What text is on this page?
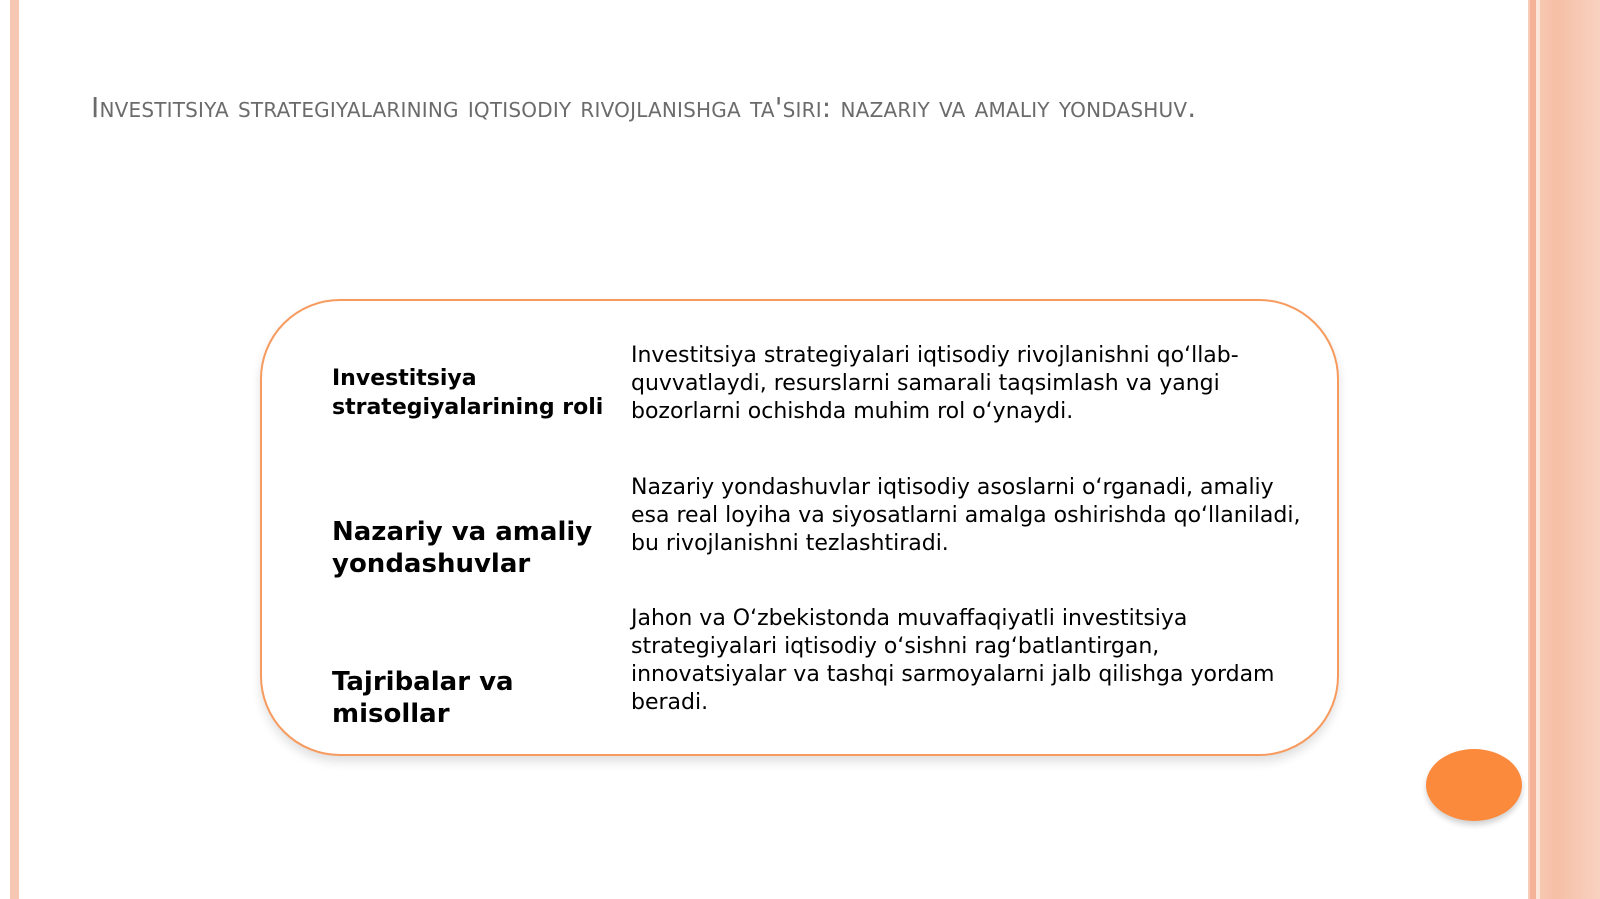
Investitsiya strategiyalarining iqtisodiy rivojlanishga ta'siri: nazariy va amaliy yondashuv.

Investitsiya strategiyalarining roli

Investitsiya strategiyalari iqtisodiy rivojlanishni qo‘llab-quvvatlaydi, resurslarni samarali taqsimlash va yangi bozorlarni ochishda muhim rol o‘ynaydi.

Nazariy va amaliy yondashuvlar

Nazariy yondashuvlar iqtisodiy asoslarni o‘rganadi, amaliy esa real loyiha va siyosatlarni amalga oshirishda qo‘llaniladi, bu rivojlanishni tezlashtiradi.

Tajribalar va misollar

Jahon va O‘zbekistonda muvaffaqiyatli investitsiya strategiyalari iqtisodiy o‘sishni rag‘batlantirgan, innovatsiyalar va tashqi sarmoyalarni jalb qilishga yordam beradi.
